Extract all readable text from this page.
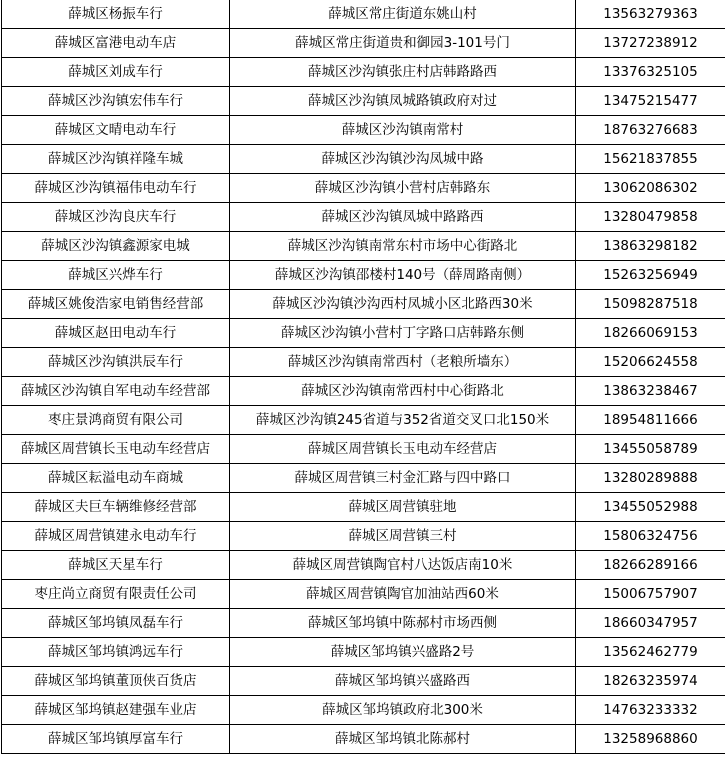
薛城区杨振车行	薛城区常庄街道东姚山村	13563279363
薛城区富港电动车店	薛城区常庄街道贵和御园3-101号门	13727238912
薛城区刘成车行	薛城区沙沟镇张庄村店韩路路西	13376325105
薛城区沙沟镇宏伟车行	薛城区沙沟镇凤城路镇政府对过	13475215477
薛城区文晴电动车行	薛城区沙沟镇南常村	18763276683
薛城区沙沟镇祥隆车城	薛城区沙沟镇沙沟凤城中路	15621837855
薛城区沙沟镇福伟电动车行	薛城区沙沟镇小营村店韩路东	13062086302
薛城区沙沟良庆车行	薛城区沙沟镇凤城中路路西	13280479858
薛城区沙沟镇鑫源家电城	薛城区沙沟镇南常东村市场中心街路北	13863298182
薛城区兴烨车行	薛城区沙沟镇邵楼村140号（薛周路南侧）	15263256949
薛城区姚俊浩家电销售经营部	薛城区沙沟镇沙沟西村凤城小区北路西30米	15098287518
薛城区赵田电动车行	薛城区沙沟镇小营村丁字路口店韩路东侧	18266069153
薛城区沙沟镇洪辰车行	薛城区沙沟镇南常西村（老粮所墙东）	15206624558
薛城区沙沟镇自军电动车经营部	薛城区沙沟镇南常西村中心街路北	13863238467
枣庄景鸿商贸有限公司	薛城区沙沟镇245省道与352省道交叉口北150米	18954811666
薛城区周营镇长玉电动车经营店	薛城区周营镇长玉电动车经营店	13455058789
薛城区耘溢电动车商城	薛城区周营镇三村金汇路与四中路口	13280289888
薛城区夫巨车辆维修经营部	薛城区周营镇驻地	13455052988
薛城区周营镇建永电动车行	薛城区周营镇三村	15806324756
薛城区天星车行	薛城区周营镇陶官村八达饭店南10米	18266289166
枣庄尚立商贸有限责任公司	薛城区周营镇陶官加油站西60米	15006757907
薛城区邹坞镇凤磊车行	薛城区邹坞镇中陈郝村市场西侧	18660347957
薛城区邹坞镇鸿远车行	薛城区邹坞镇兴盛路2号	13562462779
薛城区邹坞镇董顶侠百货店	薛城区邹坞镇兴盛路西	18263235974
薛城区邹坞镇赵建强车业店	薛城区邹坞镇政府北300米	14763233332
薛城区邹坞镇厚富车行	薛城区邹坞镇北陈郝村	13258968860
